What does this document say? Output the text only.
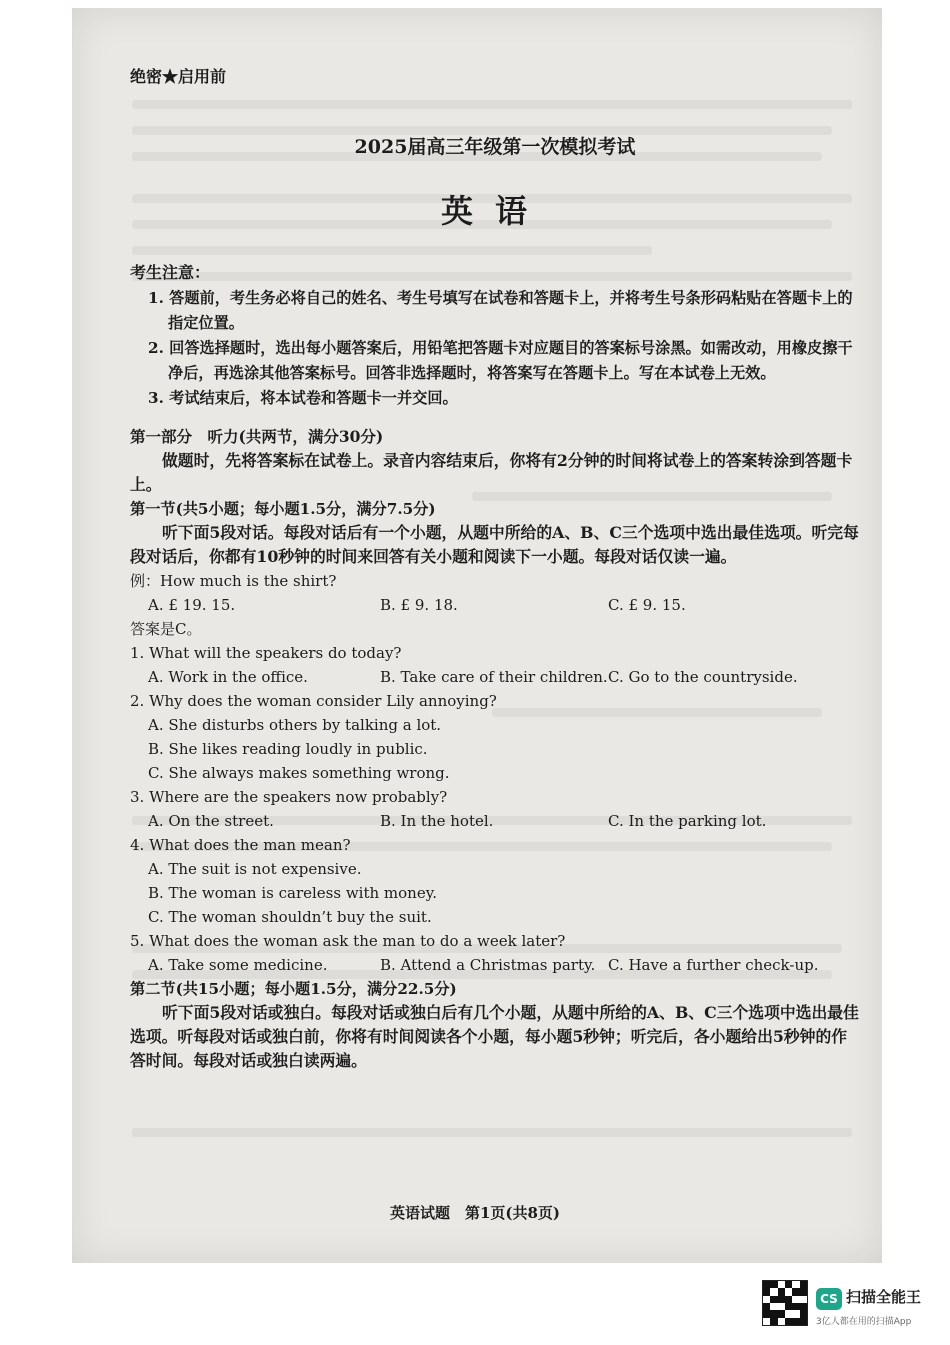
绝密★启用前

2025届高三年级第一次模拟考试

英语

考生注意：

1. 答题前，考生务必将自己的姓名、考生号填写在试卷和答题卡上，并将考生号条形码粘贴在答题卡上的指定位置。

2. 回答选择题时，选出每小题答案后，用铅笔把答题卡对应题目的答案标号涂黑。如需改动，用橡皮擦干净后，再选涂其他答案标号。回答非选择题时，将答案写在答题卡上。写在本试卷上无效。

3. 考试结束后，将本试卷和答题卡一并交回。

第一部分　听力(共两节，满分30分)

做题时，先将答案标在试卷上。录音内容结束后，你将有2分钟的时间将试卷上的答案转涂到答题卡上。

第一节(共5小题；每小题1.5分，满分7.5分)

听下面5段对话。每段对话后有一个小题，从题中所给的A、B、C三个选项中选出最佳选项。听完每段对话后，你都有10秒钟的时间来回答有关小题和阅读下一小题。每段对话仅读一遍。

例：How much is the shirt?

A. £ 19. 15.	B. £ 9. 18.	C. £ 9. 15.

答案是C。

1. What will the speakers do today?

A. Work in the office.	B. Take care of their children. C. Go to the countryside.

2. Why does the woman consider Lily annoying?

A. She disturbs others by talking a lot.

B. She likes reading loudly in public.

C. She always makes something wrong.

3. Where are the speakers now probably?

A. On the street.	B. In the hotel.	C. In the parking lot.

4. What does the man mean?

A. The suit is not expensive.

B. The woman is careless with money.

C. The woman shouldn’t buy the suit.

5. What does the woman ask the man to do a week later?

A. Take some medicine.	B. Attend a Christmas party. C. Have a further check-up.

第二节(共15小题；每小题1.5分，满分22.5分)

听下面5段对话或独白。每段对话或独白后有几个小题，从题中所给的A、B、C三个选项中选出最佳选项。听每段对话或独白前，你将有时间阅读各个小题，每小题5秒钟；听完后，各小题给出5秒钟的作答时间。每段对话或独白读两遍。

英语试题　第1页(共8页)
CS 扫描全能王
3亿人都在用的扫描App
